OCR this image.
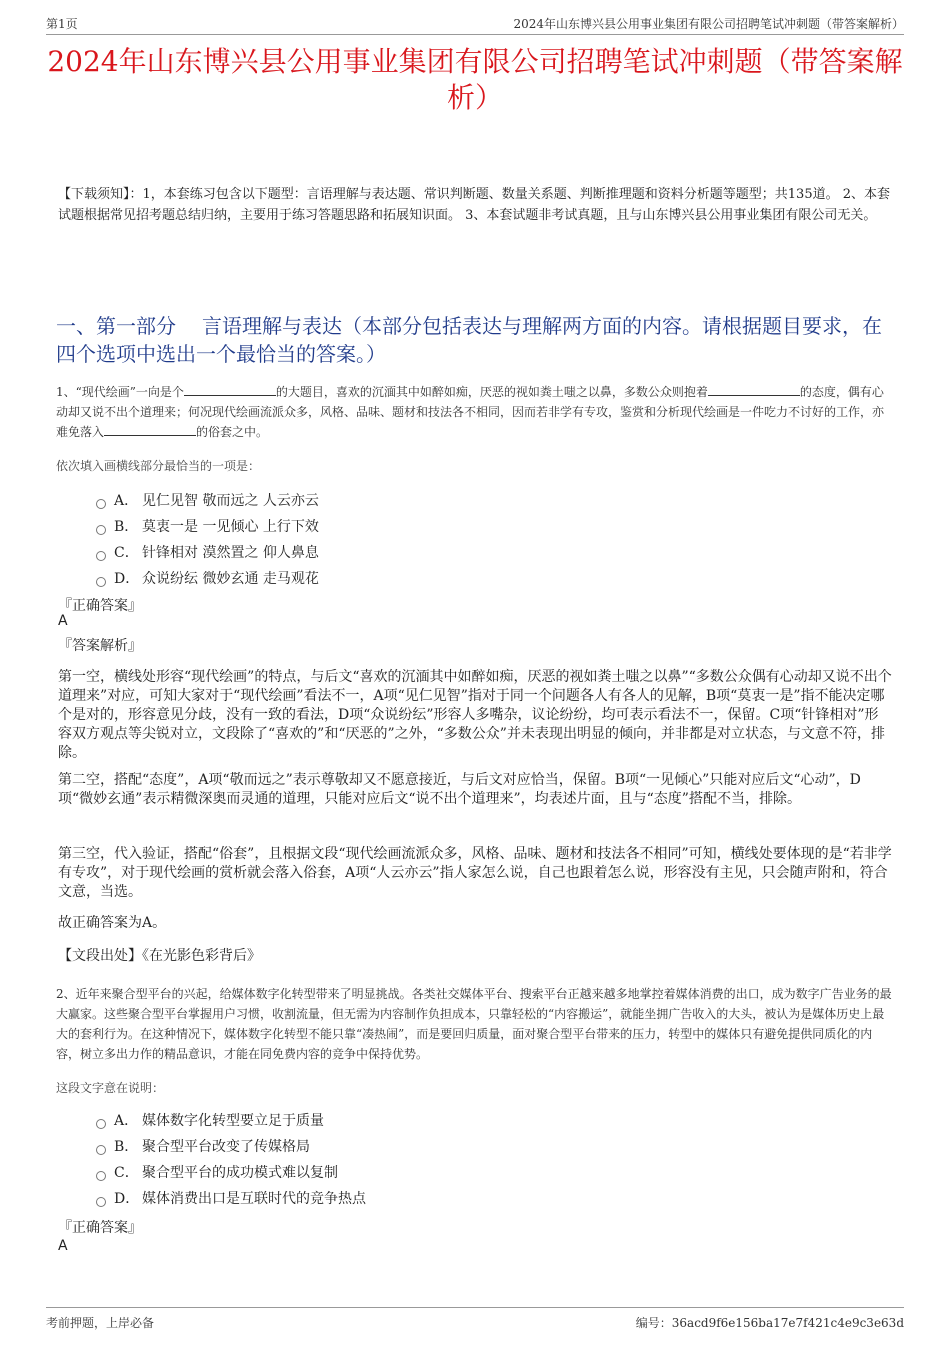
第1页	2024年山东博兴县公用事业集团有限公司招聘笔试冲刺题（带答案解析）
2024年山东博兴县公用事业集团有限公司招聘笔试冲刺题（带答案解析）
【下载须知】：1，本套练习包含以下题型：言语理解与表达题、常识判断题、数量关系题、判断推理题和资料分析题等题型；共135道。 2、本套试题根据常见招考题总结归纳，主要用于练习答题思路和拓展知识面。 3、本套试题非考试真题，且与山东博兴县公用事业集团有限公司无关。
一、第一部分 言语理解与表达（本部分包括表达与理解两方面的内容。请根据题目要求，在四个选项中选出一个最恰当的答案。）
1、“现代绘画”一向是个	的大题目，喜欢的沉湎其中如醉如痴，厌恶的视如粪土嗤之以鼻，多数公众则抱着	的态度，偶有心动却又说不出个道理来；何况现代绘画流派众多，风格、品味、题材和技法各不相同，因而若非学有专攻，鉴赏和分析现代绘画是一件吃力不讨好的工作，亦难免落入	的俗套之中。
依次填入画横线部分最恰当的一项是：
A． 见仁见智 敬而远之 人云亦云
B． 莫衷一是 一见倾心 上行下效
C． 针锋相对 漠然置之 仰人鼻息
D． 众说纷纭 微妙玄通 走马观花
『正确答案』
A
『答案解析』
第一空，横线处形容“现代绘画”的特点，与后文“喜欢的沉湎其中如醉如痴，厌恶的视如粪土嗤之以鼻”“多数公众偶有心动却又说不出个道理来”对应，可知大家对于“现代绘画”看法不一，A项“见仁见智”指对于同一个问题各人有各人的见解，B项“莫衷一是”指不能决定哪个是对的，形容意见分歧，没有一致的看法，D项“众说纷纭”形容人多嘴杂，议论纷纷，均可表示看法不一，保留。C项“针锋相对”形容双方观点等尖锐对立，文段除了“喜欢的”和“厌恶的”之外，“多数公众”并未表现出明显的倾向，并非都是对立状态，与文意不符，排除。
第二空，搭配“态度”，A项“敬而远之”表示尊敬却又不愿意接近，与后文对应恰当，保留。B项“一见倾心”只能对应后文“心动”，D项“微妙玄通”表示精微深奥而灵通的道理，只能对应后文“说不出个道理来”，均表述片面，且与“态度”搭配不当，排除。
第三空，代入验证，搭配“俗套”，且根据文段“现代绘画流派众多，风格、品味、题材和技法各不相同”可知，横线处要体现的是“若非学有专攻”，对于现代绘画的赏析就会落入俗套，A项“人云亦云”指人家怎么说，自己也跟着怎么说，形容没有主见，只会随声附和，符合文意，当选。
故正确答案为A。
【文段出处】《在光影色彩背后》
2、近年来聚合型平台的兴起，给媒体数字化转型带来了明显挑战。各类社交媒体平台、搜索平台正越来越多地掌控着媒体消费的出口，成为数字广告业务的最大赢家。这些聚合型平台掌握用户习惯，收割流量，但无需为内容制作负担成本，只靠轻松的“内容搬运”，就能坐拥广告收入的大头，被认为是媒体历史上最大的套利行为。在这种情况下，媒体数字化转型不能只靠“凑热闹”，而是要回归质量，面对聚合型平台带来的压力，转型中的媒体只有避免提供同质化的内容，树立多出力作的精品意识，才能在同免费内容的竞争中保持优势。
这段文字意在说明：
A． 媒体数字化转型要立足于质量
B． 聚合型平台改变了传媒格局
C． 聚合型平台的成功模式难以复制
D． 媒体消费出口是互联时代的竞争热点
『正确答案』
A
考前押题，上岸必备	编号：36acd9f6e156ba17e7f421c4e9c3e63d
